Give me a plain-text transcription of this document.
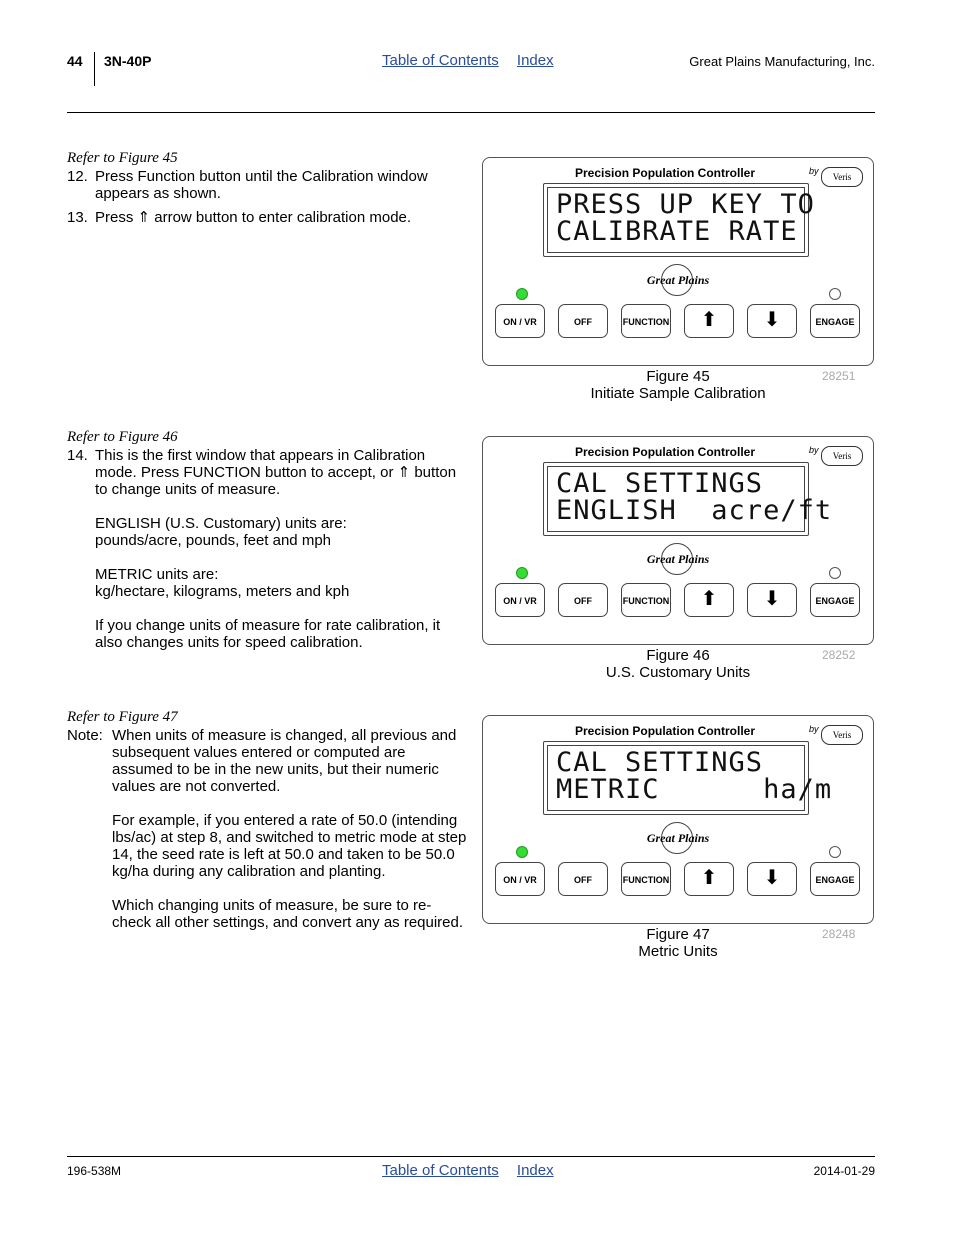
44 3N-40P	Table of Contents Index	Great Plains Manufacturing, Inc.
Refer to Figure 45
12. Press Function button until the Calibration window appears as shown.
13. Press ⇑ arrow button to enter calibration mode.
Refer to Figure 46
14. This is the first window that appears in Calibration mode. Press FUNCTION button to accept, or ⇑ button to change units of measure.
ENGLISH (U.S. Customary) units are:
pounds/acre, pounds, feet and mph
METRIC units are:
kg/hectare, kilograms, meters and kph
If you change units of measure for rate calibration, it also changes units for speed calibration.
Refer to Figure 47
Note: When units of measure is changed, all previous and subsequent values entered or computed are assumed to be in the new units, but their numeric values are not converted.

For example, if you entered a rate of 50.0 (intending lbs/ac) at step 8, and switched to metric mode at step 14, the seed rate is left at 50.0 and taken to be 50.0 kg/ha during any calibration and planting.

Which changing units of measure, be sure to re-check all other settings, and convert any as required.

Precision Population Controller	by
Veris
PRESS UP KEY TO
CALIBRATE RATE
Great Plains
ON / VR	OFF	FUNCTION	⬆	⬇	ENGAGE
Figure 45
Initiate Sample Calibration
28251
Precision Population Controller	by
Veris
CAL SETTINGS
ENGLISH  acre/ft
Great Plains
ON / VR	OFF	FUNCTION	⬆	⬇	ENGAGE
Figure 46
U.S. Customary Units
28252
Precision Population Controller	by
Veris
CAL SETTINGS
METRIC      ha/m
Great Plains
ON / VR	OFF	FUNCTION	⬆	⬇	ENGAGE
Figure 47
Metric Units
28248
196-538M	Table of Contents Index	2014-01-29
